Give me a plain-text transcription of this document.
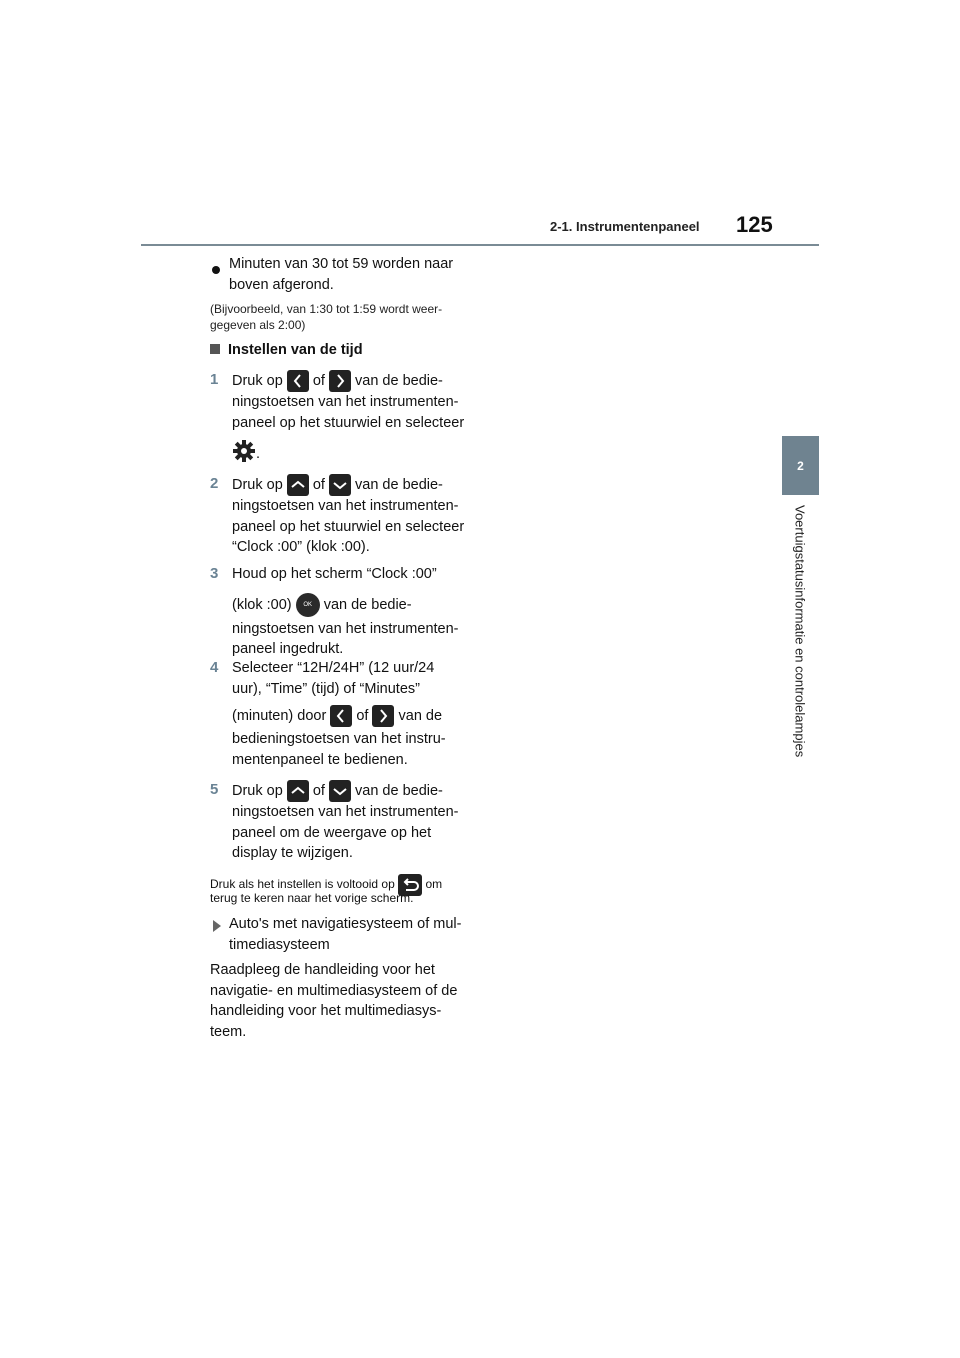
2-1. Instrumentenpaneel 125
2
Voertuigstatusinformatie en controlelampjes
Minuten van 30 tot 59 worden naar
boven afgerond.
(Bijvoorbeeld, van 1:30 tot 1:59 wordt weer-
gegeven als 2:00)
Instellen van de tijd
1 Druk op of van de bedie-
ningstoetsen van het instrumenten-
paneel op het stuurwiel en selecteer
.
2 Druk op of van de bedie-
ningstoetsen van het instrumenten-
paneel op het stuurwiel en selecteer
“Clock :00” (klok :00).
3 Houd op het scherm “Clock :00”
(klok :00) OK van de bedie-
ningstoetsen van het instrumenten-
paneel ingedrukt.
4 Selecteer “12H/24H” (12 uur/24
uur), “Time” (tijd) of “Minutes”
(minuten) door of van de
bedieningstoetsen van het instru-
mentenpaneel te bedienen.
5 Druk op of van de bedie-
ningstoetsen van het instrumenten-
paneel om de weergave op het
display te wijzigen.
Druk als het instellen is voltooid op	om
terug te keren naar het vorige scherm.
Auto's met navigatiesysteem of mul-
timediasysteem
Raadpleeg de handleiding voor het
navigatie- en multimediasysteem of de
handleiding voor het multimediasys-
teem.
